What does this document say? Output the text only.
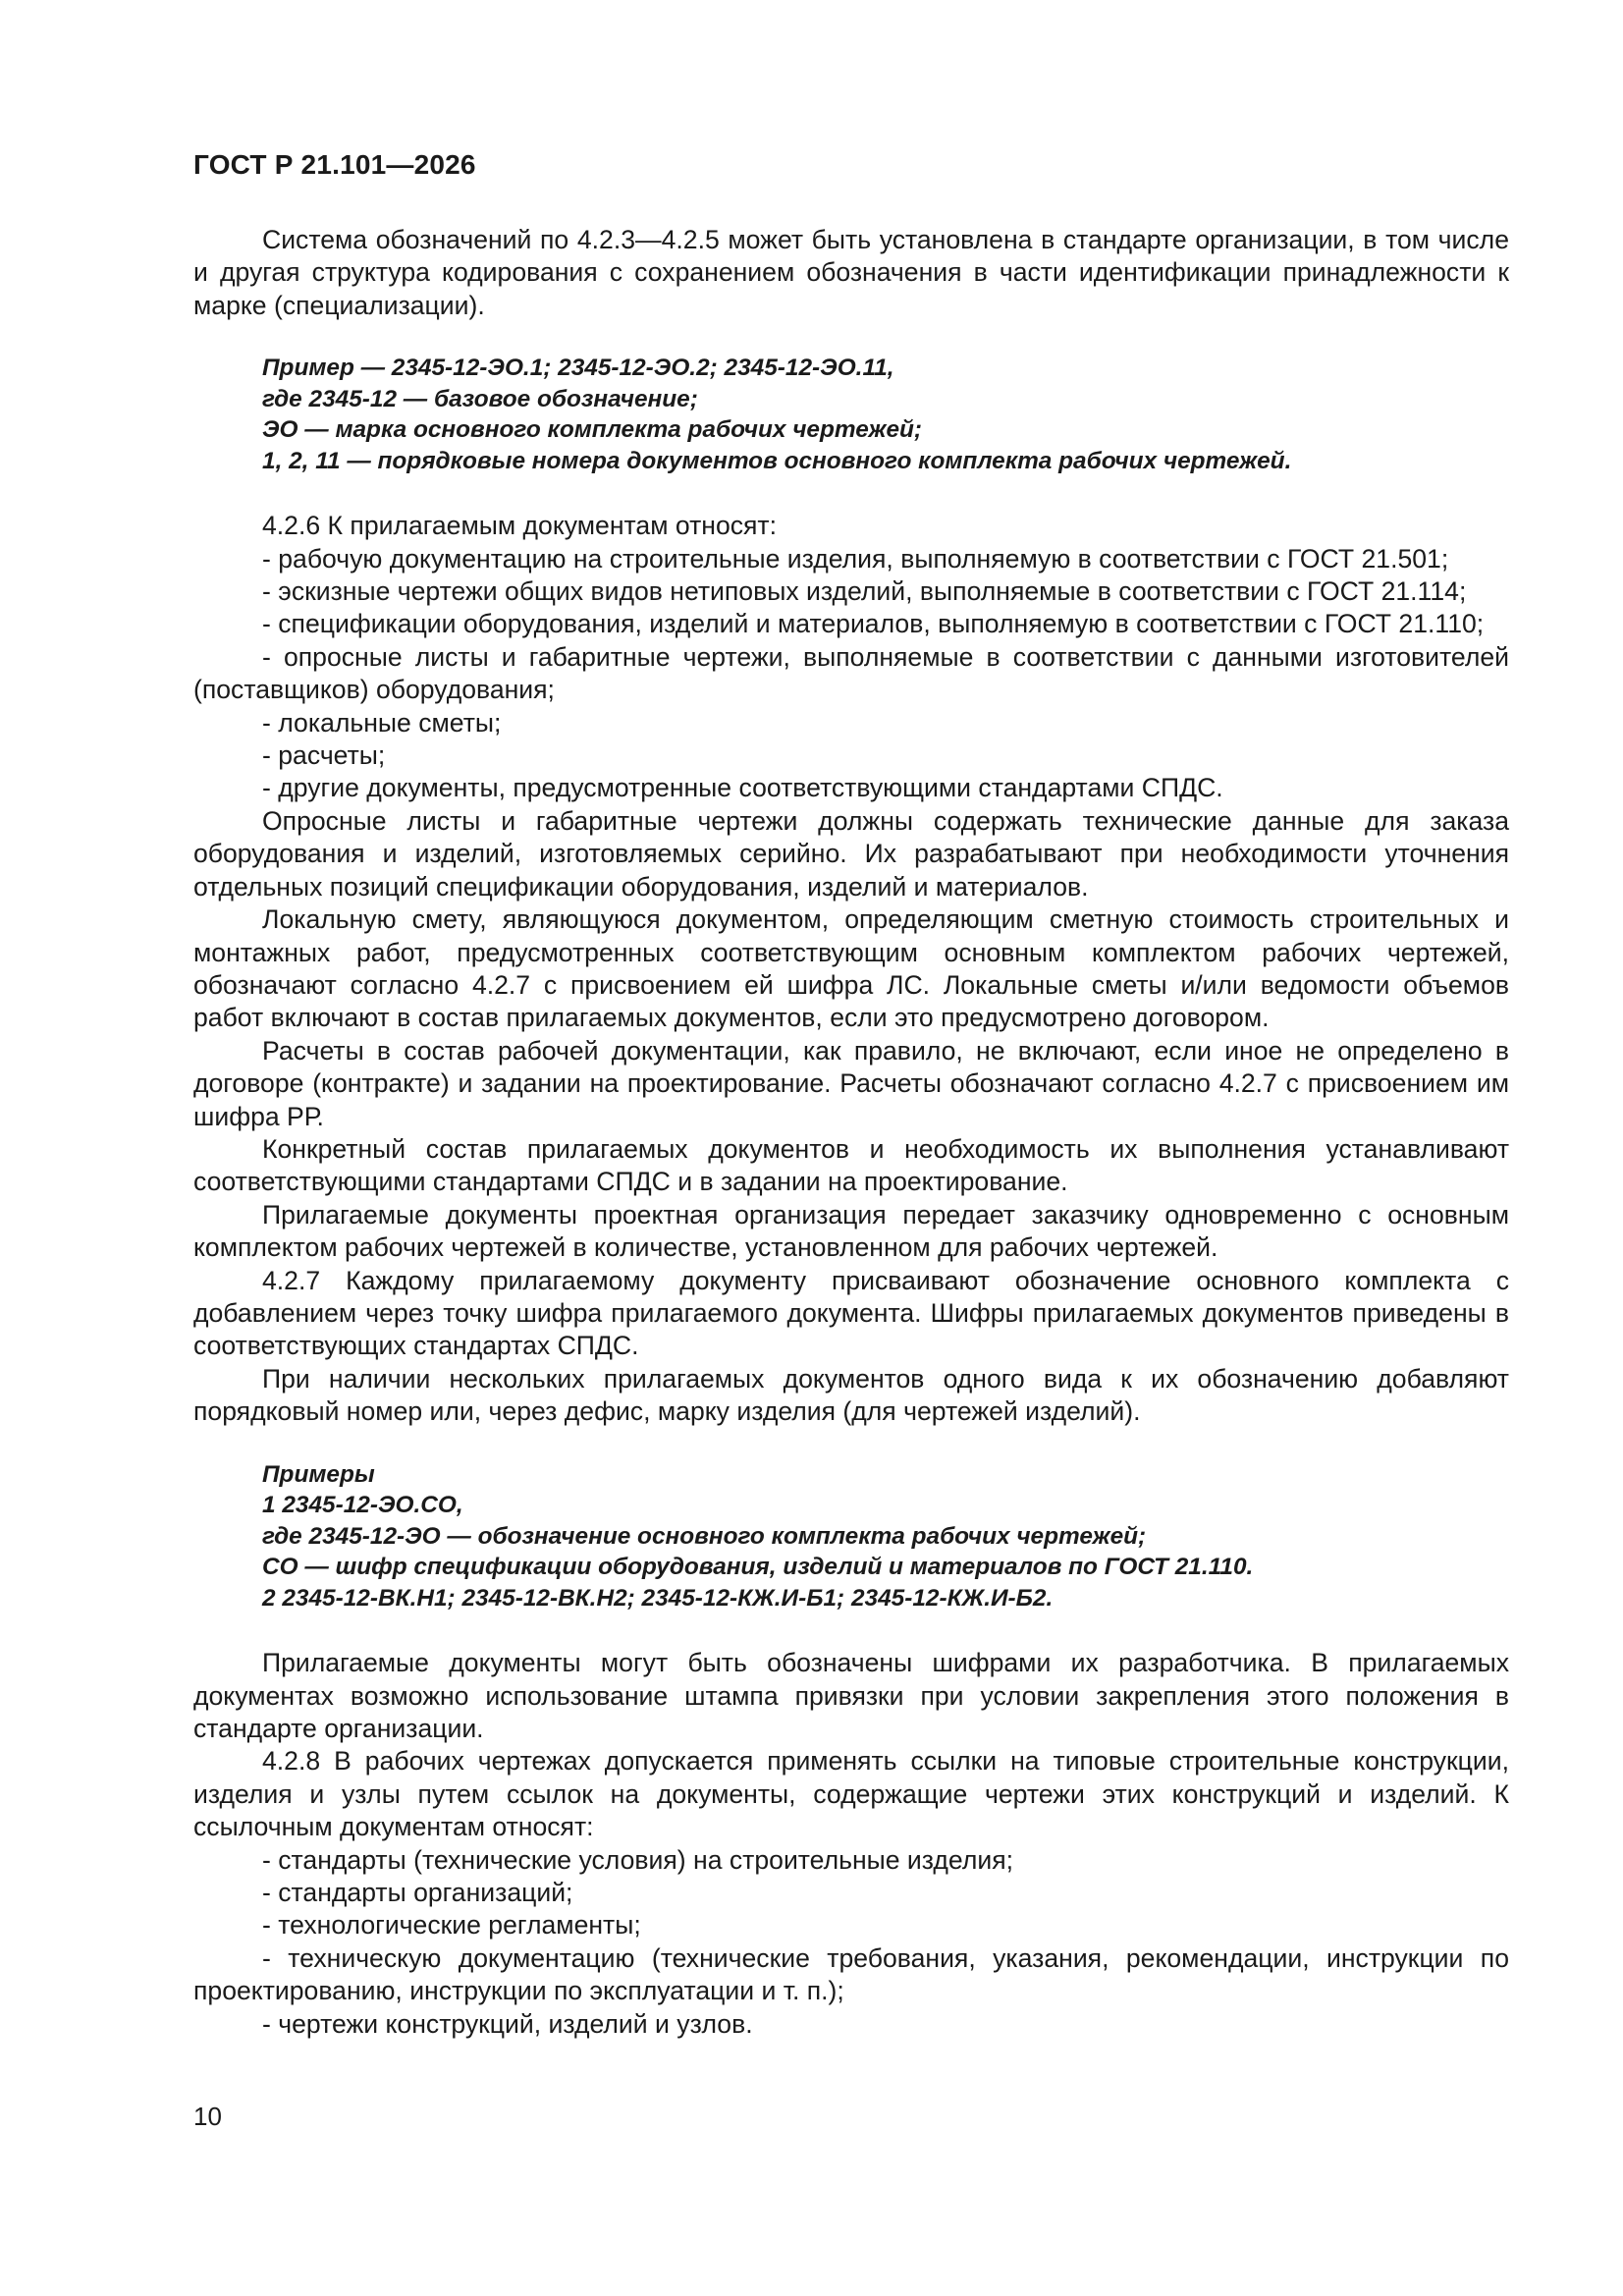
ГОСТ Р 21.101—2026

Система обозначений по 4.2.3—4.2.5 может быть установлена в стандарте организации, в том числе и другая структура кодирования с сохранением обозначения в части идентификации принадлежности к марке (специализации).

Пример — 2345-12-ЭО.1; 2345-12-ЭО.2; 2345-12-ЭО.11,

где 2345-12 — базовое обозначение;

ЭО — марка основного комплекта рабочих чертежей;

1, 2, 11 — порядковые номера документов основного комплекта рабочих чертежей.

4.2.6 К прилагаемым документам относят:

- рабочую документацию на строительные изделия, выполняемую в соответствии с ГОСТ 21.501;

- эскизные чертежи общих видов нетиповых изделий, выполняемые в соответствии с ГОСТ 21.114;

- спецификации оборудования, изделий и материалов, выполняемую в соответствии с ГОСТ 21.110;

- опросные листы и габаритные чертежи, выполняемые в соответствии с данными изготовителей (поставщиков) оборудования;

- локальные сметы;

- расчеты;

- другие документы, предусмотренные соответствующими стандартами СПДС.

Опросные листы и габаритные чертежи должны содержать технические данные для заказа оборудования и изделий, изготовляемых серийно. Их разрабатывают при необходимости уточнения отдельных позиций спецификации оборудования, изделий и материалов.

Локальную смету, являющуюся документом, определяющим сметную стоимость строительных и монтажных работ, предусмотренных соответствующим основным комплектом рабочих чертежей, обозначают согласно 4.2.7 с присвоением ей шифра ЛС. Локальные сметы и/или ведомости объемов работ включают в состав прилагаемых документов, если это предусмотрено договором.

Расчеты в состав рабочей документации, как правило, не включают, если иное не определено в договоре (контракте) и задании на проектирование. Расчеты обозначают согласно 4.2.7 с присвоением им шифра РР.

Конкретный состав прилагаемых документов и необходимость их выполнения устанавливают соответствующими стандартами СПДС и в задании на проектирование.

Прилагаемые документы проектная организация передает заказчику одновременно с основным комплектом рабочих чертежей в количестве, установленном для рабочих чертежей.

4.2.7 Каждому прилагаемому документу присваивают обозначение основного комплекта с добавлением через точку шифра прилагаемого документа. Шифры прилагаемых документов приведены в соответствующих стандартах СПДС.

При наличии нескольких прилагаемых документов одного вида к их обозначению добавляют порядковый номер или, через дефис, марку изделия (для чертежей изделий).

Примеры

1 2345-12-ЭО.СО,

где 2345-12-ЭО — обозначение основного комплекта рабочих чертежей;

СО — шифр спецификации оборудования, изделий и материалов по ГОСТ 21.110.

2 2345-12-ВК.Н1; 2345-12-ВК.Н2; 2345-12-КЖ.И-Б1; 2345-12-КЖ.И-Б2.

Прилагаемые документы могут быть обозначены шифрами их разработчика. В прилагаемых документах возможно использование штампа привязки при условии закрепления этого положения в стандарте организации.

4.2.8 В рабочих чертежах допускается применять ссылки на типовые строительные конструкции, изделия и узлы путем ссылок на документы, содержащие чертежи этих конструкций и изделий. К ссылочным документам относят:

- стандарты (технические условия) на строительные изделия;

- стандарты организаций;

- технологические регламенты;

- техническую документацию (технические требования, указания, рекомендации, инструкции по проектированию, инструкции по эксплуатации и т. п.);

- чертежи конструкций, изделий и узлов.

10
